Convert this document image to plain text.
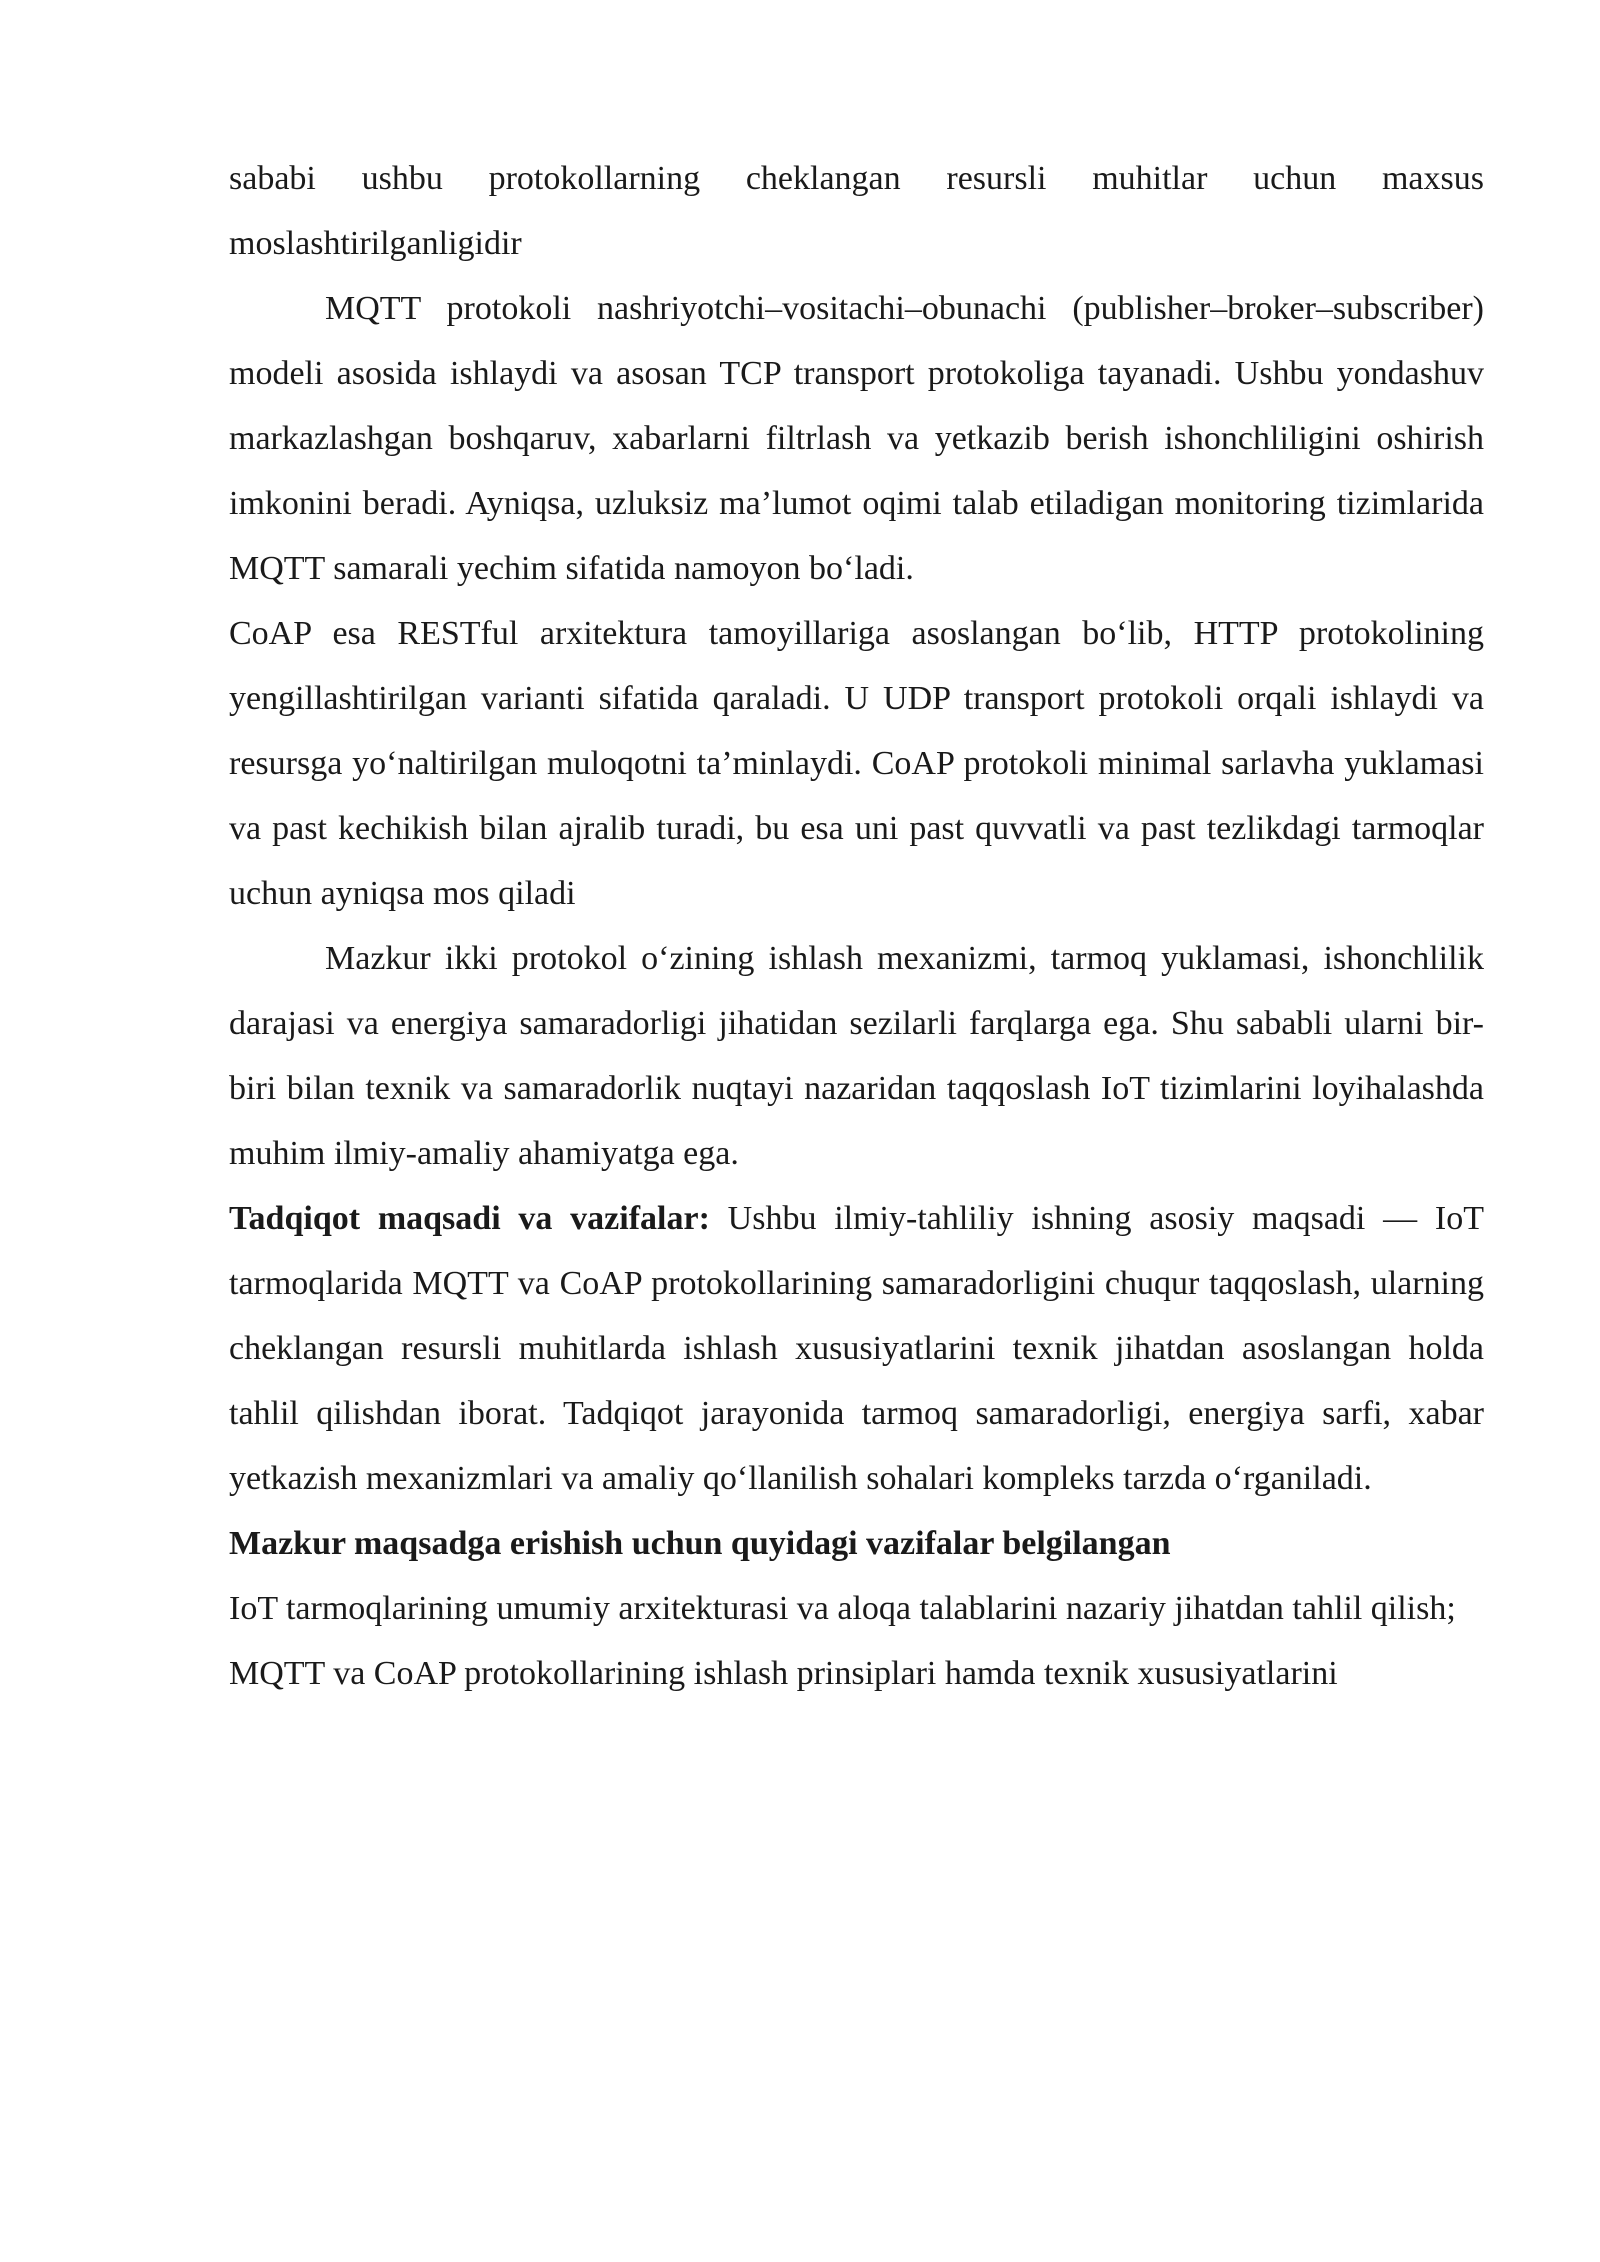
sababi ushbu protokollarning cheklangan resursli muhitlar uchun maxsus moslashtirilganligidir

MQTT protokoli nashriyotchi–vositachi–obunachi (publisher–broker–subscriber) modeli asosida ishlaydi va asosan TCP transport protokoliga tayanadi. Ushbu yondashuv markazlashgan boshqaruv, xabarlarni filtrlash va yetkazib berish ishonchliligini oshirish imkonini beradi. Ayniqsa, uzluksiz ma’lumot oqimi talab etiladigan monitoring tizimlarida MQTT samarali yechim sifatida namoyon bo‘ladi.

CoAP esa RESTful arxitektura tamoyillariga asoslangan bo‘lib, HTTP protokolining yengillashtirilgan varianti sifatida qaraladi. U UDP transport protokoli orqali ishlaydi va resursga yo‘naltirilgan muloqotni ta’minlaydi. CoAP protokoli minimal sarlavha yuklamasi va past kechikish bilan ajralib turadi, bu esa uni past quvvatli va past tezlikdagi tarmoqlar uchun ayniqsa mos qiladi

Mazkur ikki protokol o‘zining ishlash mexanizmi, tarmoq yuklamasi, ishonchlilik darajasi va energiya samaradorligi jihatidan sezilarli farqlarga ega. Shu sababli ularni bir-biri bilan texnik va samaradorlik nuqtayi nazaridan taqqoslash IoT tizimlarini loyihalashda muhim ilmiy-amaliy ahamiyatga ega.

Tadqiqot maqsadi va vazifalar: Ushbu ilmiy-tahliliy ishning asosiy maqsadi — IoT tarmoqlarida MQTT va CoAP protokollarining samaradorligini chuqur taqqoslash, ularning cheklangan resursli muhitlarda ishlash xususiyatlarini texnik jihatdan asoslangan holda tahlil qilishdan iborat. Tadqiqot jarayonida tarmoq samaradorligi, energiya sarfi, xabar yetkazish mexanizmlari va amaliy qo‘llanilish sohalari kompleks tarzda o‘rganiladi.

Mazkur maqsadga erishish uchun quyidagi vazifalar belgilangan

IoT tarmoqlarining umumiy arxitekturasi va aloqa talablarini nazariy jihatdan tahlil qilish;

MQTT va CoAP protokollarining ishlash prinsiplari hamda texnik xususiyatlarini
